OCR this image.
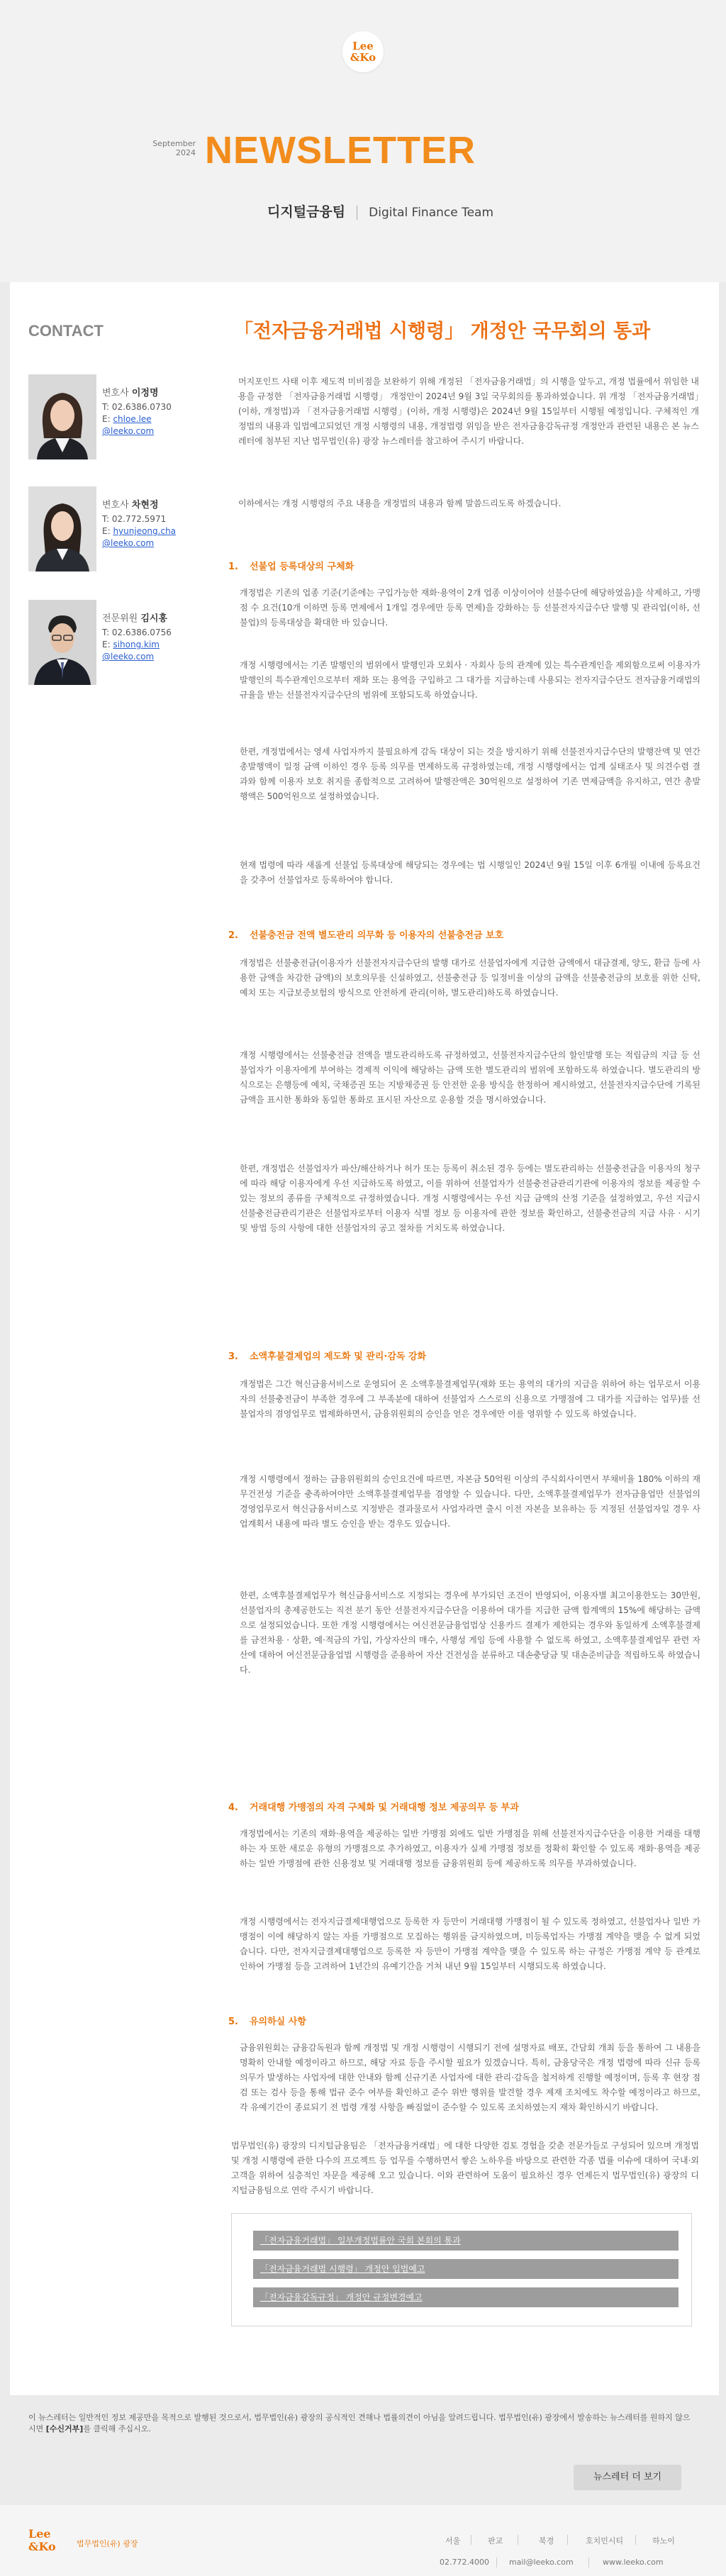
Lee
&Ko
September
2024 NEWSLETTER
디지털금융팀 Digital Finance Team
CONTACT
변호사 이정명
T: 02.6386.0730
E: chloe.lee
@leeko.com
변호사 차현정
T: 02.772.5971
E: hyunjeong.cha
@leeko.com
전문위원 김시홍
T: 02.6386.0756
E: sihong.kim
@leeko.com
「전자금융거래법 시행령」 개정안 국무회의 통과
머지포인트 사태 이후 제도적 미비점을 보완하기 위해 개정된 「전자금융거래법」의 시행을 앞두고, 개정 법률에서 위임한 내용을 규정한 「전자금융거래법 시행령」 개정안이 2024년 9월 3일 국무회의를 통과하였습니다. 위 개정 「전자금융거래법」(이하, 개정법)과 「전자금융거래법 시행령」(이하, 개정 시행령)은 2024년 9월 15일부터 시행될 예정입니다. 구체적인 개정법의 내용과 입법예고되었던 개정 시행령의 내용, 개정법령 위임을 받은 전자금융감독규정 개정안과 관련된 내용은 본 뉴스레터에 첨부된 지난 법무법인(유) 광장 뉴스레터를 참고하여 주시기 바랍니다.
이하에서는 개정 시행령의 주요 내용을 개정법의 내용과 함께 말씀드리도록 하겠습니다.
1. 선불업 등록대상의 구체화
개정법은 기존의 업종 기준(기준에는 구입가능한 재화·용역이 2개 업종 이상이어야 선불수단에 해당하였음)을 삭제하고, 가맹점 수 요건(10개 이하면 등록 면제에서 1개일 경우에만 등록 면제)을 강화하는 등 선불전자지급수단 발행 및 관리업(이하, 선불업)의 등록대상을 확대한 바 있습니다.
개정 시행령에서는 기존 발행인의 범위에서 발행인과 모회사 · 자회사 등의 관계에 있는 특수관계인을 제외함으로써 이용자가 발행인의 특수관계인으로부터 재화 또는 용역을 구입하고 그 대가를 지급하는데 사용되는 전자지급수단도 전자금융거래법의 규율을 받는 선불전자지급수단의 범위에 포함되도록 하였습니다.
한편, 개정법에서는 영세 사업자까지 불필요하게 감독 대상이 되는 것을 방지하기 위해 선불전자지급수단의 발행잔액 및 연간 총발행액이 일정 금액 이하인 경우 등록 의무를 면제하도록 규정하였는데, 개정 시행령에서는 업계 실태조사 및 의견수렴 결과와 함께 이용자 보호 취지를 종합적으로 고려하여 발행잔액은 30억원으로 설정하여 기존 면제금액을 유지하고, 연간 총발행액은 500억원으로 설정하였습니다.
현재 법령에 따라 새롭게 선불업 등록대상에 해당되는 경우에는 법 시행일인 2024년 9월 15일 이후 6개월 이내에 등록요건을 갖추어 선불업자로 등록하여야 합니다.
2. 선불충전금 전액 별도관리 의무화 등 이용자의 선불충전금 보호
개정법은 선불충전금(이용자가 선불전자지급수단의 발행 대가로 선불업자에게 지급한 금액에서 대금결제, 양도, 환급 등에 사용한 금액을 차감한 금액)의 보호의무를 신설하였고, 선불충전금 등 일정비율 이상의 금액을 선불충전금의 보호를 위한 신탁, 예치 또는 지급보증보험의 방식으로 안전하게 관리(이하, 별도관리)하도록 하였습니다.
개정 시행령에서는 선불충전금 전액을 별도관리하도록 규정하였고, 선불전자지급수단의 할인발행 또는 적립금의 지급 등 선불업자가 이용자에게 부여하는 경제적 이익에 해당하는 금액 또한 별도관리의 범위에 포함하도록 하였습니다. 별도관리의 방식으로는 은행등에 예치, 국채증권 또는 지방채증권 등 안전한 운용 방식을 한정하여 제시하였고, 선불전자지급수단에 기록된 금액을 표시한 통화와 동일한 통화로 표시된 자산으로 운용할 것을 명시하였습니다.
한편, 개정법은 선불업자가 파산/해산하거나 허가 또는 등록이 취소된 경우 등에는 별도관리하는 선불충전금을 이용자의 청구에 따라 해당 이용자에게 우선 지급하도록 하였고, 이를 위하여 선불업자가 선불충전금관리기관에 이용자의 정보를 제공할 수 있는 정보의 종류를 구체적으로 규정하였습니다. 개정 시행령에서는 우선 지급 금액의 산정 기준을 설정하였고, 우선 지급시 선불충전금관리기관은 선불업자로부터 이용자 식별 정보 등 이용자에 관한 정보를 확인하고, 선불충전금의 지급 사유 · 시기 및 방법 등의 사항에 대한 선불업자의 공고 절차를 거치도록 하였습니다.
3. 소액후불결제업의 제도화 및 관리·감독 강화
개정법은 그간 혁신금융서비스로 운영되어 온 소액후불결제업무(재화 또는 용역의 대가의 지급을 위하여 하는 업무로서 이용자의 선불충전금이 부족한 경우에 그 부족분에 대하여 선불업자 스스로의 신용으로 가맹점에 그 대가를 지급하는 업무)를 선불업자의 겸영업무로 법제화하면서, 금융위원회의 승인을 얻은 경우에만 이를 영위할 수 있도록 하였습니다.
개정 시행령에서 정하는 금융위원회의 승인요건에 따르면, 자본금 50억원 이상의 주식회사이면서 부채비율 180% 이하의 재무건전성 기준을 충족하여야만 소액후불결제업무를 겸영할 수 있습니다. 다만, 소액후불결제업무가 전자금융업만 선불업의 경영업무로서 혁신금융서비스로 지정받은 결과물로서 사업자라면 출시 이전 자본을 보유하는 등 지정된 선불업자일 경우 사업계획서 내용에 따라 별도 승인을 받는 경우도 있습니다.
한편, 소액후불결제업무가 혁신금융서비스로 지정되는 경우에 부가되던 조건이 반영되어, 이용자별 최고이용한도는 30만원, 선불업자의 총제공한도는 직전 분기 동안 선불전자지급수단을 이용하여 대가를 지급한 금액 합계액의 15%에 해당하는 금액으로 설정되었습니다. 또한 개정 시행령에서는 여신전문금융업법상 신용카드 결제가 제한되는 경우와 동일하게 소액후불결제를 금전차용 · 상환, 예·적금의 가입, 가상자산의 매수, 사행성 게임 등에 사용할 수 없도록 하였고, 소액후불결제업무 관련 자산에 대하여 여신전문금융업법 시행령을 준용하여 자산 건전성을 분류하고 대손충당금 및 대손준비금을 적립하도록 하였습니다.
4. 거래대행 가맹점의 자격 구체화 및 거래대행 정보 제공의무 등 부과
개정법에서는 기존의 재화·용역을 제공하는 일반 가맹점 외에도 일반 가맹점을 위해 선불전자지급수단을 이용한 거래를 대행하는 자 또한 새로운 유형의 가맹점으로 추가하였고, 이용자가 실제 가맹점 정보를 정확히 확인할 수 있도록 재화·용역을 제공하는 일반 가맹점에 관한 신용정보 및 거래대행 정보를 금융위원회 등에 제공하도록 의무를 부과하였습니다.
개정 시행령에서는 전자지급결제대행업으로 등록한 자 등만이 거래대행 가맹점이 될 수 있도록 정하였고, 선불업자나 일반 가맹점이 이에 해당하지 않는 자를 가맹점으로 모집하는 행위를 금지하였으며, 미등록업자는 가맹점 계약을 맺을 수 없게 되었습니다. 다만, 전자지급결제대행업으로 등록한 자 등만이 가맹점 계약을 맺을 수 있도록 하는 규정은 가맹점 계약 등 관계로 인하여 가맹점 등을 고려하여 1년간의 유예기간을 거쳐 내년 9월 15일부터 시행되도록 하였습니다.
5. 유의하실 사항
금융위원회는 금융감독원과 함께 개정법 및 개정 시행령이 시행되기 전에 설명자료 배포, 간담회 개최 등을 통하여 그 내용을 명확히 안내할 예정이라고 하므로, 해당 자료 등을 주시할 필요가 있겠습니다. 특히, 금융당국은 개정 법령에 따라 신규 등록의무가 발생하는 사업자에 대한 안내와 함께 신규기존 사업자에 대한 관리·감독을 철저하게 진행할 예정이며, 등록 후 현장 점검 또는 검사 등을 통해 법규 준수 여부를 확인하고 준수 위반 행위를 발견할 경우 제재 조치에도 착수할 예정이라고 하므로, 각 유예기간이 종료되기 전 법령 개정 사항을 빠짐없이 준수할 수 있도록 조치하였는지 재차 확인하시기 바랍니다.
법무법인(유) 광장의 디지털금융팀은 「전자금융거래법」에 대한 다양한 검토 경험을 갖춘 전문가들로 구성되어 있으며 개정법 및 개정 시행령에 관한 다수의 프로젝트 등 업무를 수행하면서 쌓은 노하우를 바탕으로 관련한 각종 법률 이슈에 대하여 국내·외 고객을 위하여 심층적인 자문을 제공해 오고 있습니다. 이와 관련하여 도움이 필요하신 경우 언제든지 법무법인(유) 광장의 디지털금융팀으로 연락 주시기 바랍니다.
「전자금융거래법」 일부개정법률안 국회 본회의 통과
「전자금융거래법 시행령」 개정안 입법예고
「전자금융감독규정」 개정안 규정변경예고
이 뉴스레터는 일반적인 정보 제공만을 목적으로 발행된 것으로서, 법무법인(유) 광장의 공식적인 견해나 법률의견이 아님을 알려드립니다. 법무법인(유) 광장에서 발송하는 뉴스레터를 원하지 않으시면 [수신거부]를 클릭해 주십시오.
뉴스레터 더 보기
Lee
&Ko	법무법인(유) 광장	서울	판교	북경	호치민시티	하노이
02.772.4000	mail@leeko.com	www.leeko.com
